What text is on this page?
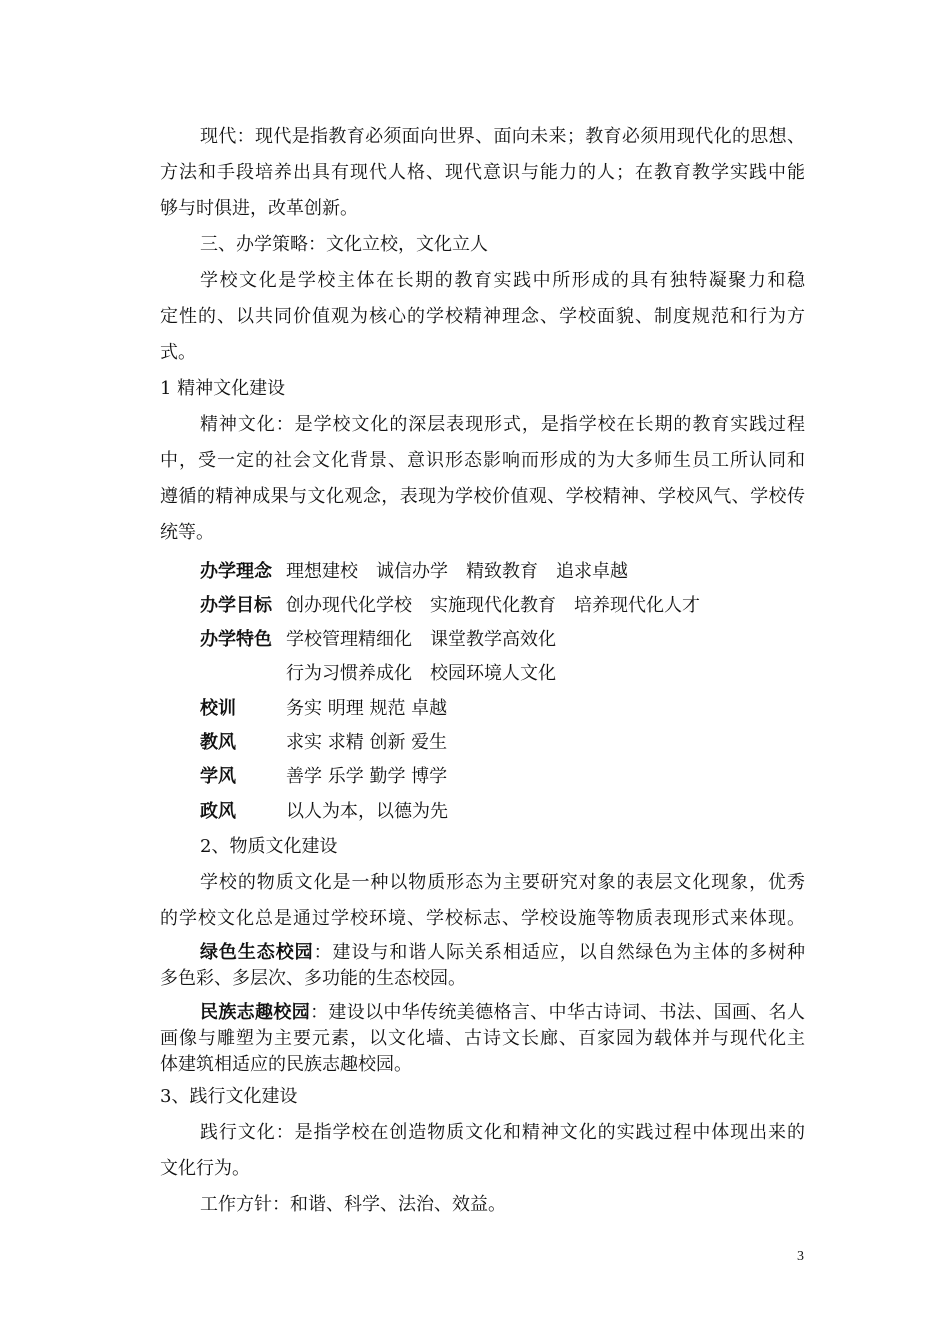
现代：现代是指教育必须面向世界、面向未来；教育必须用现代化的思想、
方法和手段培养出具有现代人格、现代意识与能力的人；在教育教学实践中能
够与时俱进，改革创新。
三、办学策略：文化立校，文化立人
学校文化是学校主体在长期的教育实践中所形成的具有独特凝聚力和稳
定性的、以共同价值观为核心的学校精神理念、学校面貌、制度规范和行为方
式。
1 精神文化建设
精神文化：是学校文化的深层表现形式，是指学校在长期的教育实践过程
中，受一定的社会文化背景、意识形态影响而形成的为大多师生员工所认同和
遵循的精神成果与文化观念，表现为学校价值观、学校精神、学校风气、学校传
统等。
办学理念 理想建校　诚信办学　精致教育　追求卓越
办学目标 创办现代化学校　实施现代化教育　培养现代化人才
办学特色 学校管理精细化　课堂教学高效化
行为习惯养成化　校园环境人文化
校训	务实 明理 规范 卓越
教风	求实 求精 创新 爱生
学风	善学 乐学 勤学 博学
政风	以人为本，以德为先
2、物质文化建设
学校的物质文化是一种以物质形态为主要研究对象的表层文化现象，优秀
的学校文化总是通过学校环境、学校标志、学校设施等物质表现形式来体现。
绿色生态校园：建设与和谐人际关系相适应，以自然绿色为主体的多树种
多色彩、多层次、多功能的生态校园。
民族志趣校园：建设以中华传统美德格言、中华古诗词、书法、国画、名人
画像与雕塑为主要元素，以文化墙、古诗文长廊、百家园为载体并与现代化主
体建筑相适应的民族志趣校园。
3、践行文化建设
践行文化：是指学校在创造物质文化和精神文化的实践过程中体现出来的
文化行为。
工作方针：和谐、科学、法治、效益。
3
